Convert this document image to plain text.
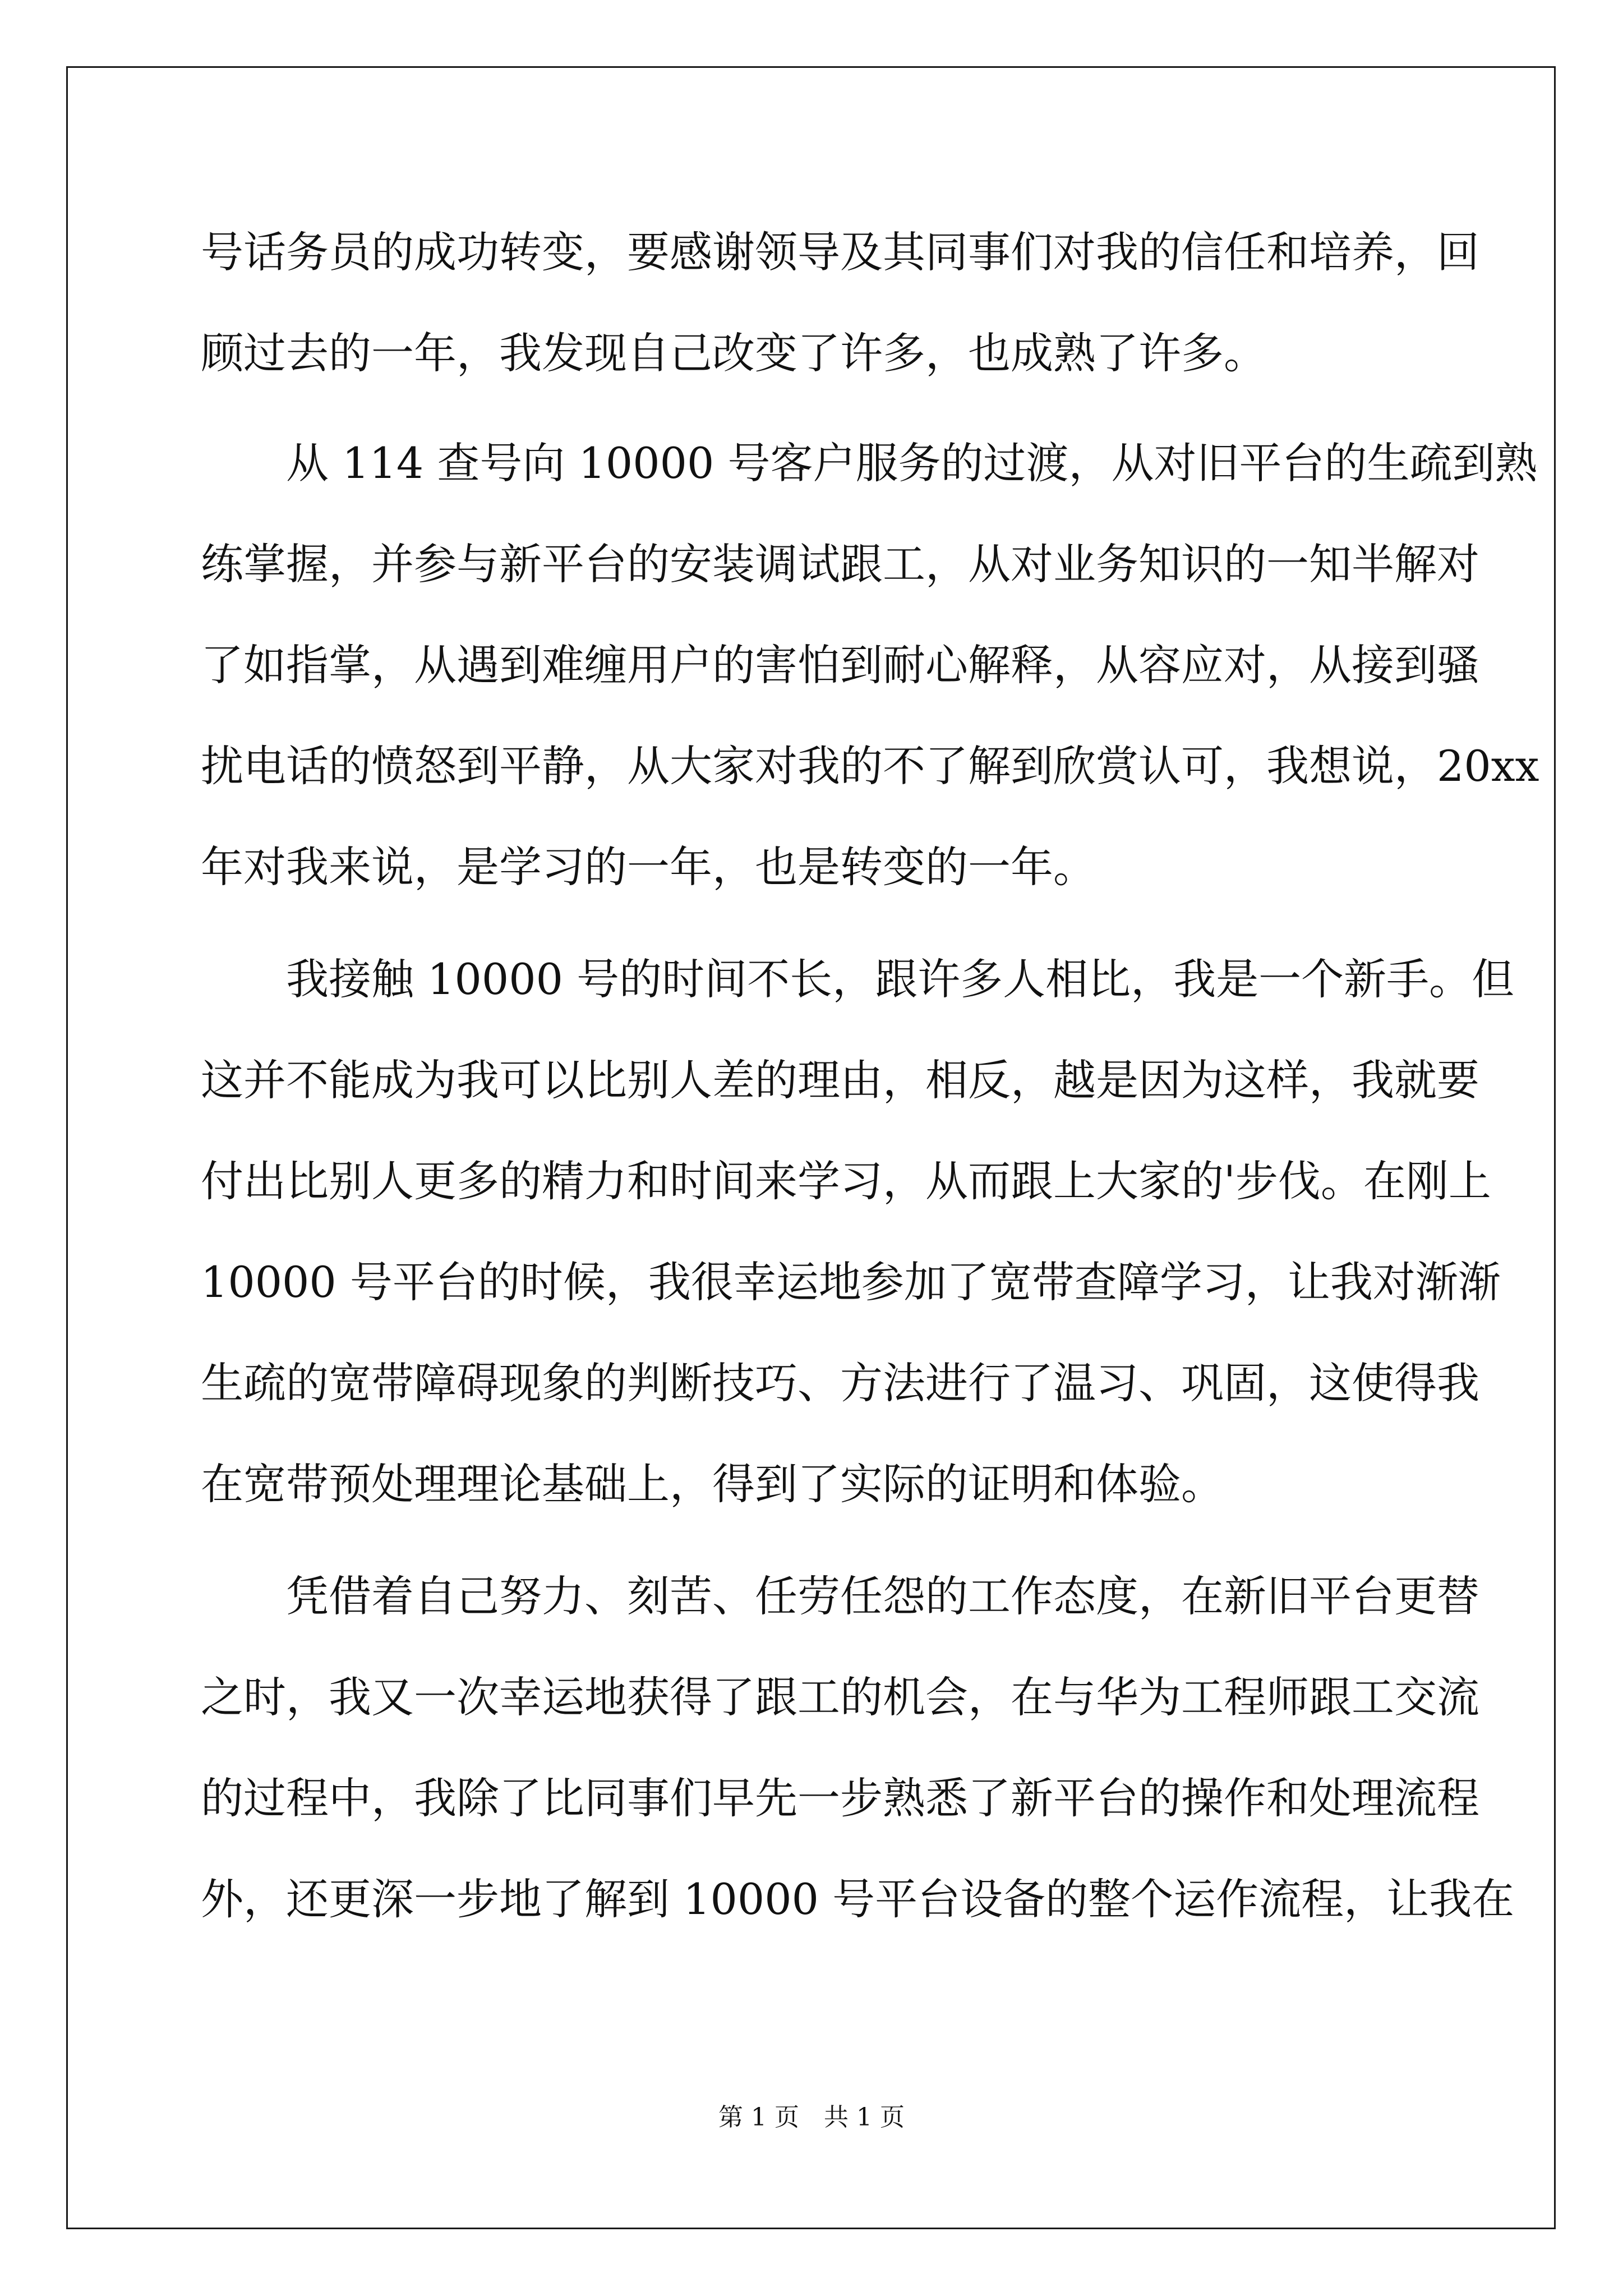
号话务员的成功转变，要感谢领导及其同事们对我的信任和培养，回
顾过去的一年，我发现自己改变了许多，也成熟了许多。
　　从 114 查号向 10000 号客户服务的过渡，从对旧平台的生疏到熟
练掌握，并参与新平台的安装调试跟工，从对业务知识的一知半解对
了如指掌，从遇到难缠用户的害怕到耐心解释，从容应对，从接到骚
扰电话的愤怒到平静，从大家对我的不了解到欣赏认可，我想说，20xx
年对我来说，是学习的一年，也是转变的一年。
　　我接触 10000 号的时间不长，跟许多人相比，我是一个新手。但
这并不能成为我可以比别人差的理由，相反，越是因为这样，我就要
付出比别人更多的精力和时间来学习，从而跟上大家的'步伐。在刚上
10000 号平台的时候，我很幸运地参加了宽带查障学习，让我对渐渐
生疏的宽带障碍现象的判断技巧、方法进行了温习、巩固，这使得我
在宽带预处理理论基础上，得到了实际的证明和体验。
　　凭借着自己努力、刻苦、任劳任怨的工作态度，在新旧平台更替
之时，我又一次幸运地获得了跟工的机会，在与华为工程师跟工交流
的过程中，我除了比同事们早先一步熟悉了新平台的操作和处理流程
外，还更深一步地了解到 10000 号平台设备的整个运作流程，让我在
第 1 页　共 1 页
